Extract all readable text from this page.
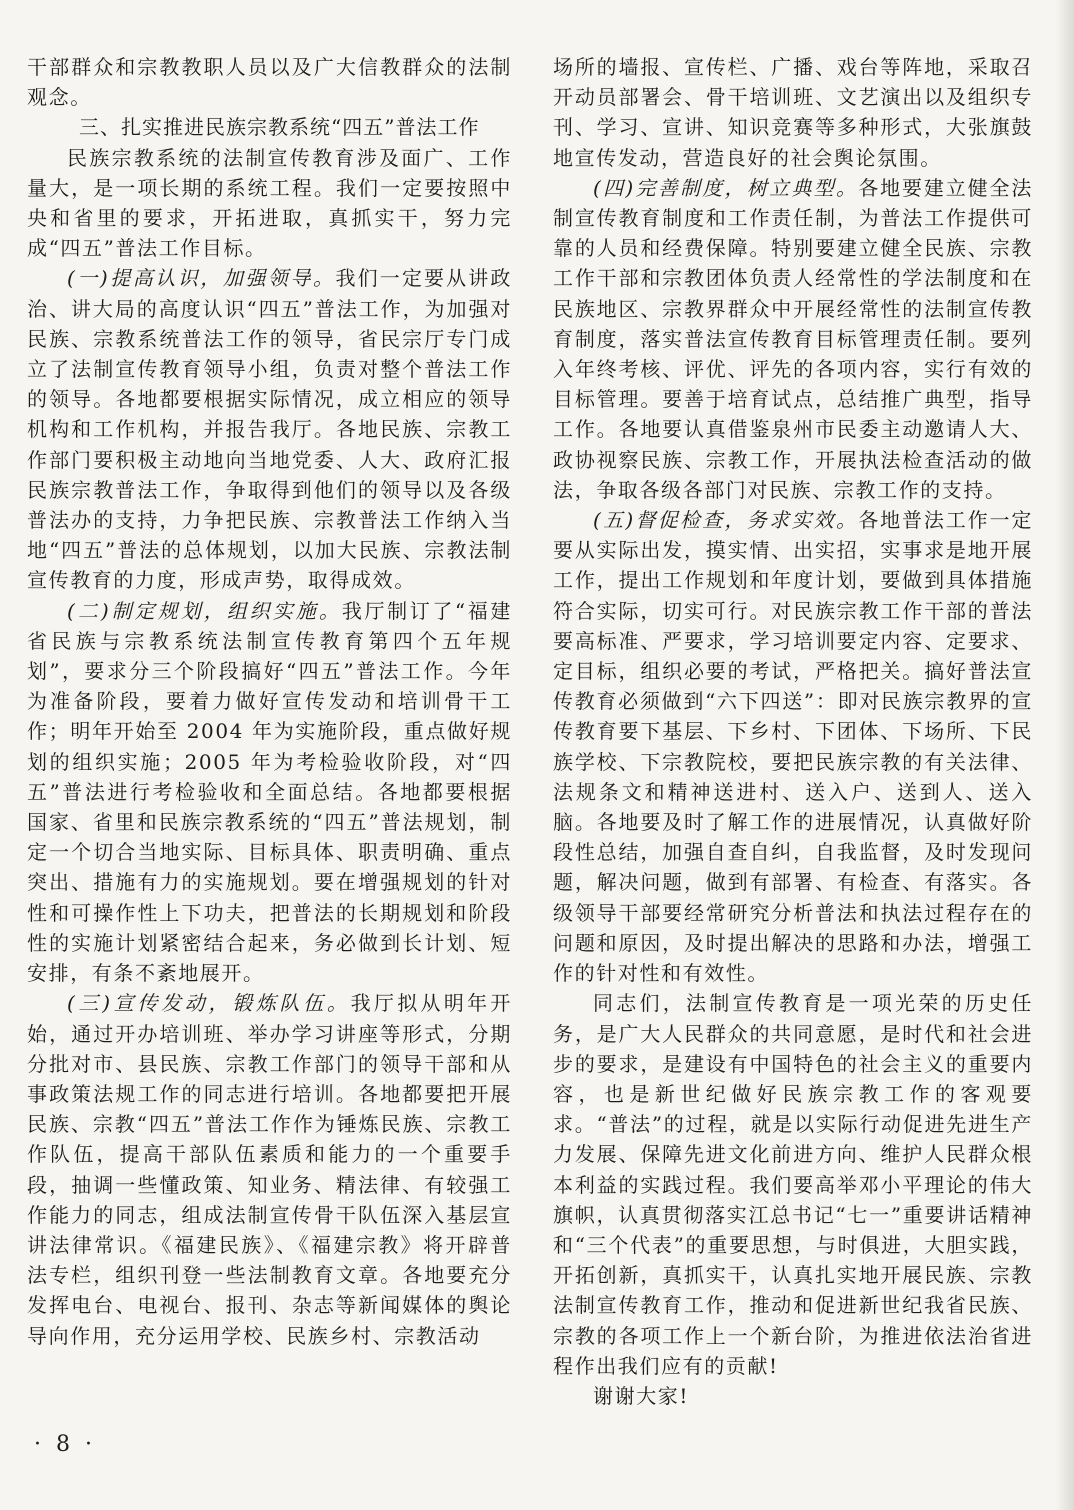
干部群众和宗教教职人员以及广大信教群众的法制观念。

三、扎实推进民族宗教系统“四五”普法工作

民族宗教系统的法制宣传教育涉及面广、工作量大，是一项长期的系统工程。我们一定要按照中央和省里的要求，开拓进取，真抓实干，努力完成“四五”普法工作目标。

(一)提高认识，加强领导。我们一定要从讲政治、讲大局的高度认识“四五”普法工作，为加强对民族、宗教系统普法工作的领导，省民宗厅专门成立了法制宣传教育领导小组，负责对整个普法工作的领导。各地都要根据实际情况，成立相应的领导机构和工作机构，并报告我厅。各地民族、宗教工作部门要积极主动地向当地党委、人大、政府汇报民族宗教普法工作，争取得到他们的领导以及各级普法办的支持，力争把民族、宗教普法工作纳入当地“四五”普法的总体规划，以加大民族、宗教法制宣传教育的力度，形成声势，取得成效。

(二)制定规划，组织实施。我厅制订了“福建省民族与宗教系统法制宣传教育第四个五年规划”，要求分三个阶段搞好“四五”普法工作。今年为准备阶段，要着力做好宣传发动和培训骨干工作；明年开始至 2004 年为实施阶段，重点做好规划的组织实施；2005 年为考检验收阶段，对“四五”普法进行考检验收和全面总结。各地都要根据国家、省里和民族宗教系统的“四五”普法规划，制定一个切合当地实际、目标具体、职责明确、重点突出、措施有力的实施规划。要在增强规划的针对性和可操作性上下功夫，把普法的长期规划和阶段性的实施计划紧密结合起来，务必做到长计划、短安排，有条不紊地展开。

(三)宣传发动，锻炼队伍。我厅拟从明年开始，通过开办培训班、举办学习讲座等形式，分期分批对市、县民族、宗教工作部门的领导干部和从事政策法规工作的同志进行培训。各地都要把开展民族、宗教“四五”普法工作作为锤炼民族、宗教工作队伍，提高干部队伍素质和能力的一个重要手段，抽调一些懂政策、知业务、精法律、有较强工作能力的同志，组成法制宣传骨干队伍深入基层宣讲法律常识。《福建民族》、《福建宗教》将开辟普法专栏，组织刊登一些法制教育文章。各地要充分发挥电台、电视台、报刊、杂志等新闻媒体的舆论导向作用，充分运用学校、民族乡村、宗教活动

场所的墙报、宣传栏、广播、戏台等阵地，采取召开动员部署会、骨干培训班、文艺演出以及组织专刊、学习、宣讲、知识竞赛等多种形式，大张旗鼓地宣传发动，营造良好的社会舆论氛围。

(四)完善制度，树立典型。各地要建立健全法制宣传教育制度和工作责任制，为普法工作提供可靠的人员和经费保障。特别要建立健全民族、宗教工作干部和宗教团体负责人经常性的学法制度和在民族地区、宗教界群众中开展经常性的法制宣传教育制度，落实普法宣传教育目标管理责任制。要列入年终考核、评优、评先的各项内容，实行有效的目标管理。要善于培育试点，总结推广典型，指导工作。各地要认真借鉴泉州市民委主动邀请人大、政协视察民族、宗教工作，开展执法检查活动的做法，争取各级各部门对民族、宗教工作的支持。

(五)督促检查，务求实效。各地普法工作一定要从实际出发，摸实情、出实招，实事求是地开展工作，提出工作规划和年度计划，要做到具体措施符合实际，切实可行。对民族宗教工作干部的普法要高标准、严要求，学习培训要定内容、定要求、定目标，组织必要的考试，严格把关。搞好普法宣传教育必须做到“六下四送”：即对民族宗教界的宣传教育要下基层、下乡村、下团体、下场所、下民族学校、下宗教院校，要把民族宗教的有关法律、法规条文和精神送进村、送入户、送到人、送入脑。各地要及时了解工作的进展情况，认真做好阶段性总结，加强自查自纠，自我监督，及时发现问题，解决问题，做到有部署、有检查、有落实。各级领导干部要经常研究分析普法和执法过程存在的问题和原因，及时提出解决的思路和办法，增强工作的针对性和有效性。

同志们，法制宣传教育是一项光荣的历史任务，是广大人民群众的共同意愿，是时代和社会进步的要求，是建设有中国特色的社会主义的重要内容，也是新世纪做好民族宗教工作的客观要求。“普法”的过程，就是以实际行动促进先进生产力发展、保障先进文化前进方向、维护人民群众根本利益的实践过程。我们要高举邓小平理论的伟大旗帜，认真贯彻落实江总书记“七一”重要讲话精神和“三个代表”的重要思想，与时俱进，大胆实践，开拓创新，真抓实干，认真扎实地开展民族、宗教法制宣传教育工作，推动和促进新世纪我省民族、宗教的各项工作上一个新台阶，为推进依法治省进程作出我们应有的贡献!

谢谢大家!

· 8 ·
